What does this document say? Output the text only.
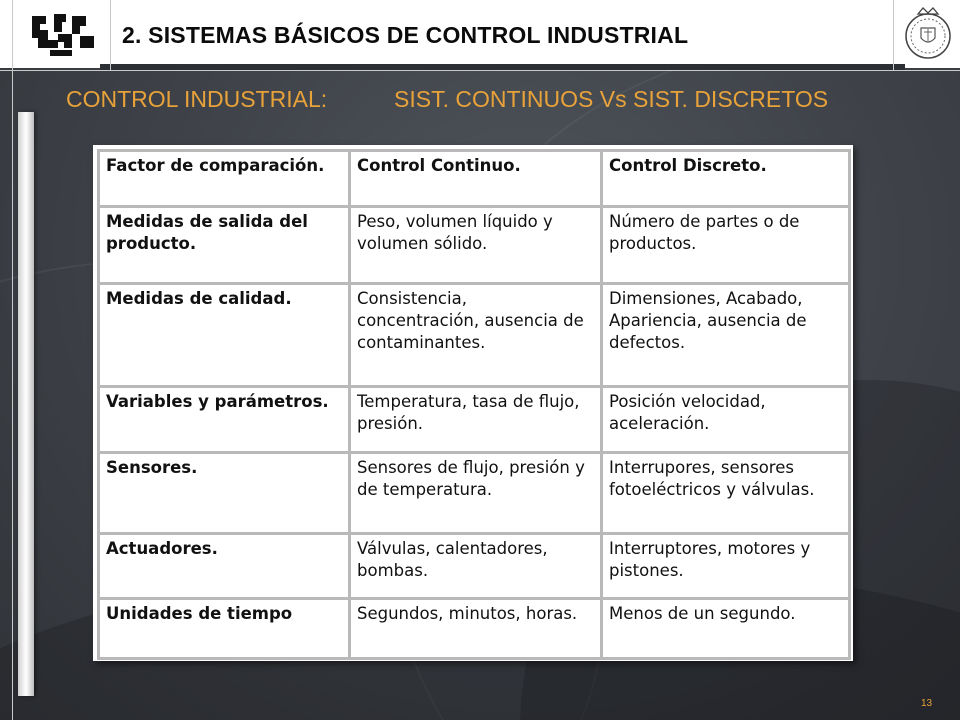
2. SISTEMAS BÁSICOS DE CONTROL INDUSTRIAL
CONTROL INDUSTRIAL:	SIST. CONTINUOS Vs SIST. DISCRETOS
Factor de comparación.	Control Continuo.	Control Discreto.
Medidas de salida del producto.	Peso, volumen líquido y volumen sólido.	Número de partes o de productos.
Medidas de calidad.	Consistencia, concentración, ausencia de contaminantes.	Dimensiones, Acabado, Apariencia, ausencia de defectos.
Variables y parámetros.	Temperatura, tasa de flujo, presión.	Posición velocidad, aceleración.
Sensores.	Sensores de flujo, presión y de temperatura.	Interrupores, sensores fotoeléctricos y válvulas.
Actuadores.	Válvulas, calentadores, bombas.	Interruptores, motores y pistones.
Unidades de tiempo	Segundos, minutos, horas.	Menos de un segundo.
13
